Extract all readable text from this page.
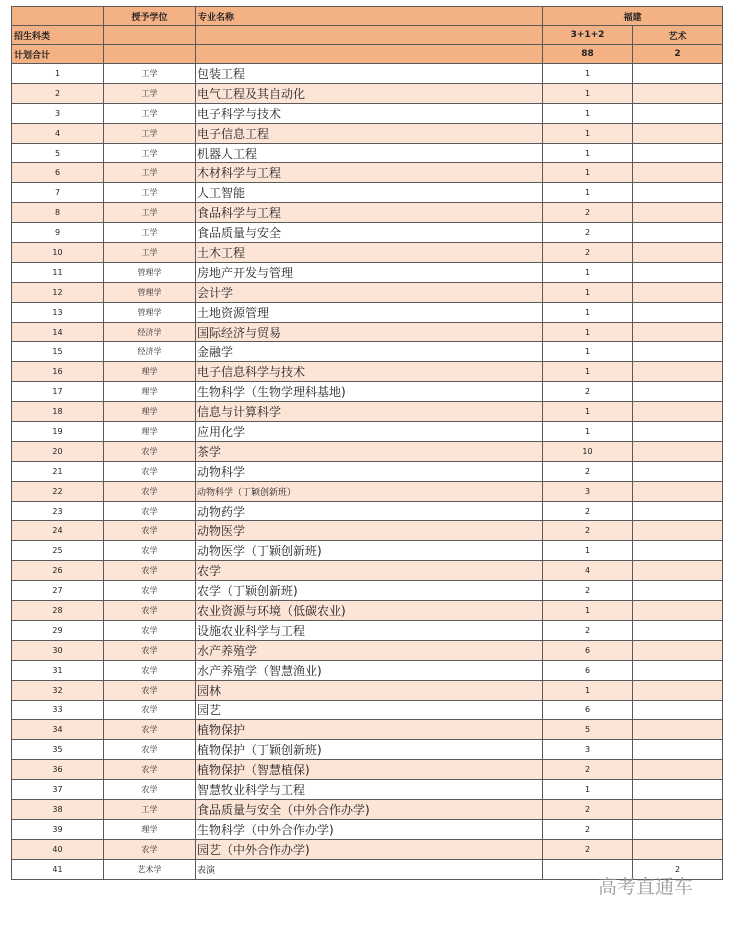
	授予学位	专业名称	福建	
招生科类			3+1+2	艺术
计划合计			88	2
1	工学	包装工程	1	
2	工学	电气工程及其自动化	1	
3	工学	电子科学与技术	1	
4	工学	电子信息工程	1	
5	工学	机器人工程	1	
6	工学	木材科学与工程	1	
7	工学	人工智能	1	
8	工学	食品科学与工程	2	
9	工学	食品质量与安全	2	
10	工学	土木工程	2	
11	管理学	房地产开发与管理	1	
12	管理学	会计学	1	
13	管理学	土地资源管理	1	
14	经济学	国际经济与贸易	1	
15	经济学	金融学	1	
16	理学	电子信息科学与技术	1	
17	理学	生物科学（生物学理科基地)	2	
18	理学	信息与计算科学	1	
19	理学	应用化学	1	
20	农学	茶学	10	
21	农学	动物科学	2	
22	农学	动物科学（丁颖创新班）	3	
23	农学	动物药学	2	
24	农学	动物医学	2	
25	农学	动物医学（丁颖创新班)	1	
26	农学	农学	4	
27	农学	农学（丁颖创新班)	2	
28	农学	农业资源与环境（低碳农业)	1	
29	农学	设施农业科学与工程	2	
30	农学	水产养殖学	6	
31	农学	水产养殖学（智慧渔业)	6	
32	农学	园林	1	
33	农学	园艺	6	
34	农学	植物保护	5	
35	农学	植物保护（丁颖创新班)	3	
36	农学	植物保护（智慧植保)	2	
37	农学	智慧牧业科学与工程	1	
38	工学	食品质量与安全（中外合作办学)	2	
39	理学	生物科学（中外合作办学)	2	
40	农学	园艺（中外合作办学)	2	
41	艺术学	表演		2
高考直通车
